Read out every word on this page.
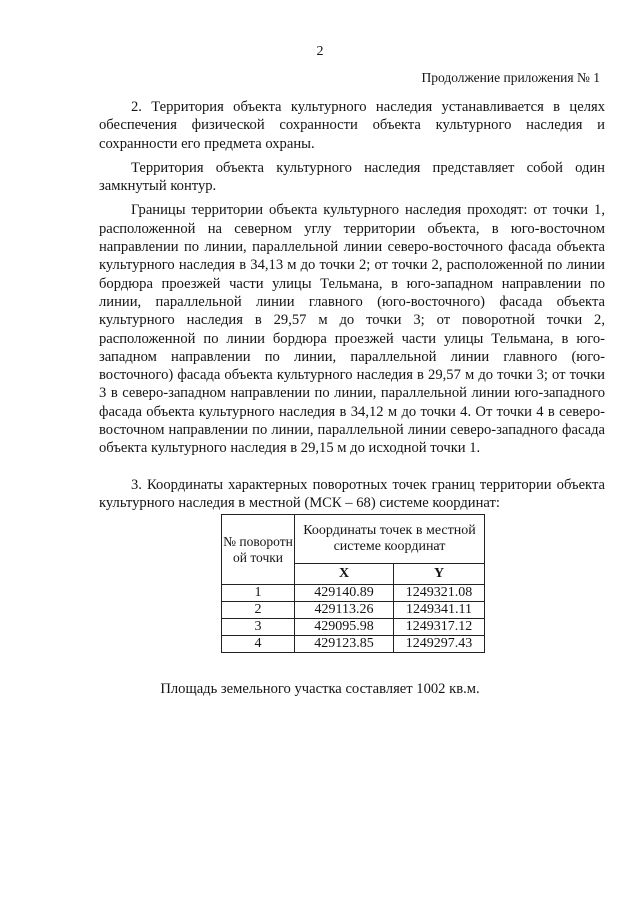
2
Продолжение приложения № 1

2. Территория объекта культурного наследия устанавливается в целях обеспечения физической сохранности объекта культурного наследия и сохранности его предмета охраны.

Территория объекта культурного наследия представляет собой один замкнутый контур.

Границы территории объекта культурного наследия проходят: от точки 1, расположенной на северном углу территории объекта, в юго-восточном направлении по линии, параллельной линии северо-восточного фасада объекта культурного наследия в 34,13 м до точки 2; от точки 2, расположенной по линии бордюра проезжей части улицы Тельмана, в юго-западном направлении по линии, параллельной линии главного (юго-восточного) фасада объекта культурного наследия в 29,57 м до точки 3; от поворотной точки 2, расположенной по линии бордюра проезжей части улицы Тельмана, в юго-западном направлении по линии, параллельной линии главного (юго-восточного) фасада объекта культурного наследия в 29,57 м до точки 3; от точки 3 в северо-западном направлении по линии, параллельной линии юго-западного фасада объекта культурного наследия в 34,12 м до точки 4. От точки 4 в северо-восточном направлении по линии, параллельной линии северо-западного фасада объекта культурного наследия в 29,15 м до исходной точки 1.

3. Координаты характерных поворотных точек границ территории объекта культурного наследия в местной (МСК – 68) системе координат:

№ поворотн ой точки	Координаты точек в местной системе координат	
	X	Y
1	429140.89	1249321.08
2	429113.26	1249341.11
3	429095.98	1249317.12
4	429123.85	1249297.43
Площадь земельного участка составляет 1002 кв.м.
